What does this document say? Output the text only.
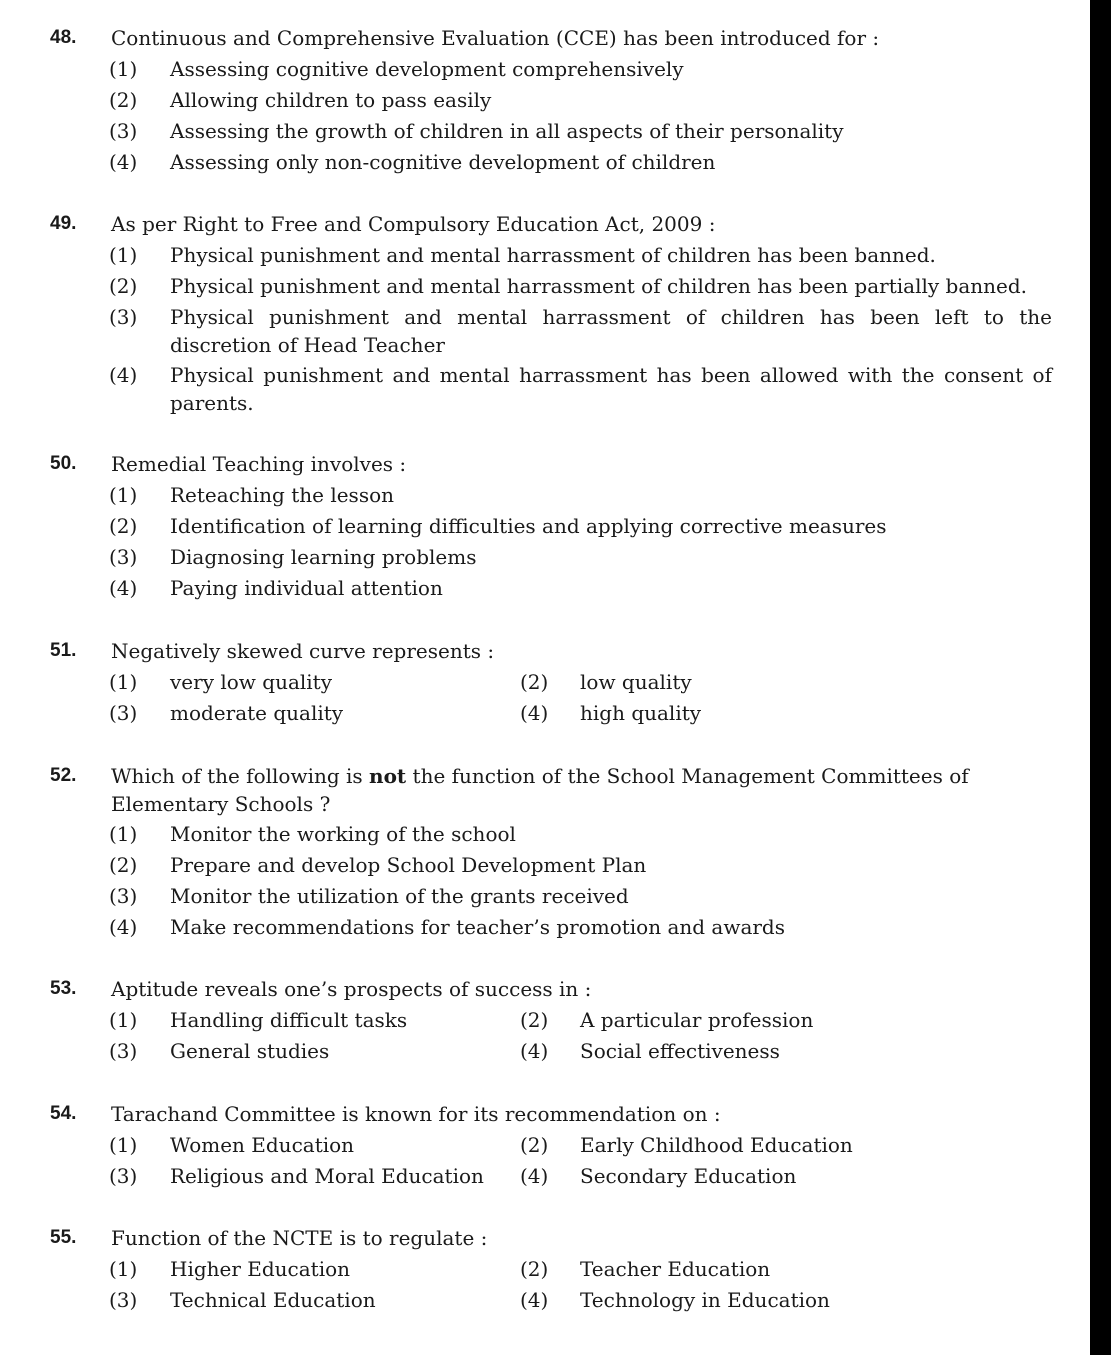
48. Continuous and Comprehensive Evaluation (CCE) has been introduced for :
(1) Assessing cognitive development comprehensively
(2) Allowing children to pass easily
(3) Assessing the growth of children in all aspects of their personality
(4) Assessing only non-cognitive development of children
49. As per Right to Free and Compulsory Education Act, 2009 :
(1) Physical punishment and mental harrassment of children has been banned.
(2) Physical punishment and mental harrassment of children has been partially banned.
(3) Physical punishment and mental harrassment of children has been left to the discretion of Head Teacher
(4) Physical punishment and mental harrassment has been allowed with the consent of parents.
50. Remedial Teaching involves :
(1) Reteaching the lesson
(2) Identification of learning difficulties and applying corrective measures
(3) Diagnosing learning problems
(4) Paying individual attention
51. Negatively skewed curve represents :
(1) very low quality	(2) low quality
(3) moderate quality	(4) high quality
52. Which of the following is not the function of the School Management Committees of Elementary Schools ?
(1) Monitor the working of the school
(2) Prepare and develop School Development Plan
(3) Monitor the utilization of the grants received
(4) Make recommendations for teacher’s promotion and awards
53. Aptitude reveals one’s prospects of success in :
(1) Handling difficult tasks	(2) A particular profession
(3) General studies	(4) Social effectiveness
54. Tarachand Committee is known for its recommendation on :
(1) Women Education	(2) Early Childhood Education
(3) Religious and Moral Education (4) Secondary Education
55. Function of the NCTE is to regulate :
(1) Higher Education	(2) Teacher Education
(3) Technical Education	(4) Technology in Education
